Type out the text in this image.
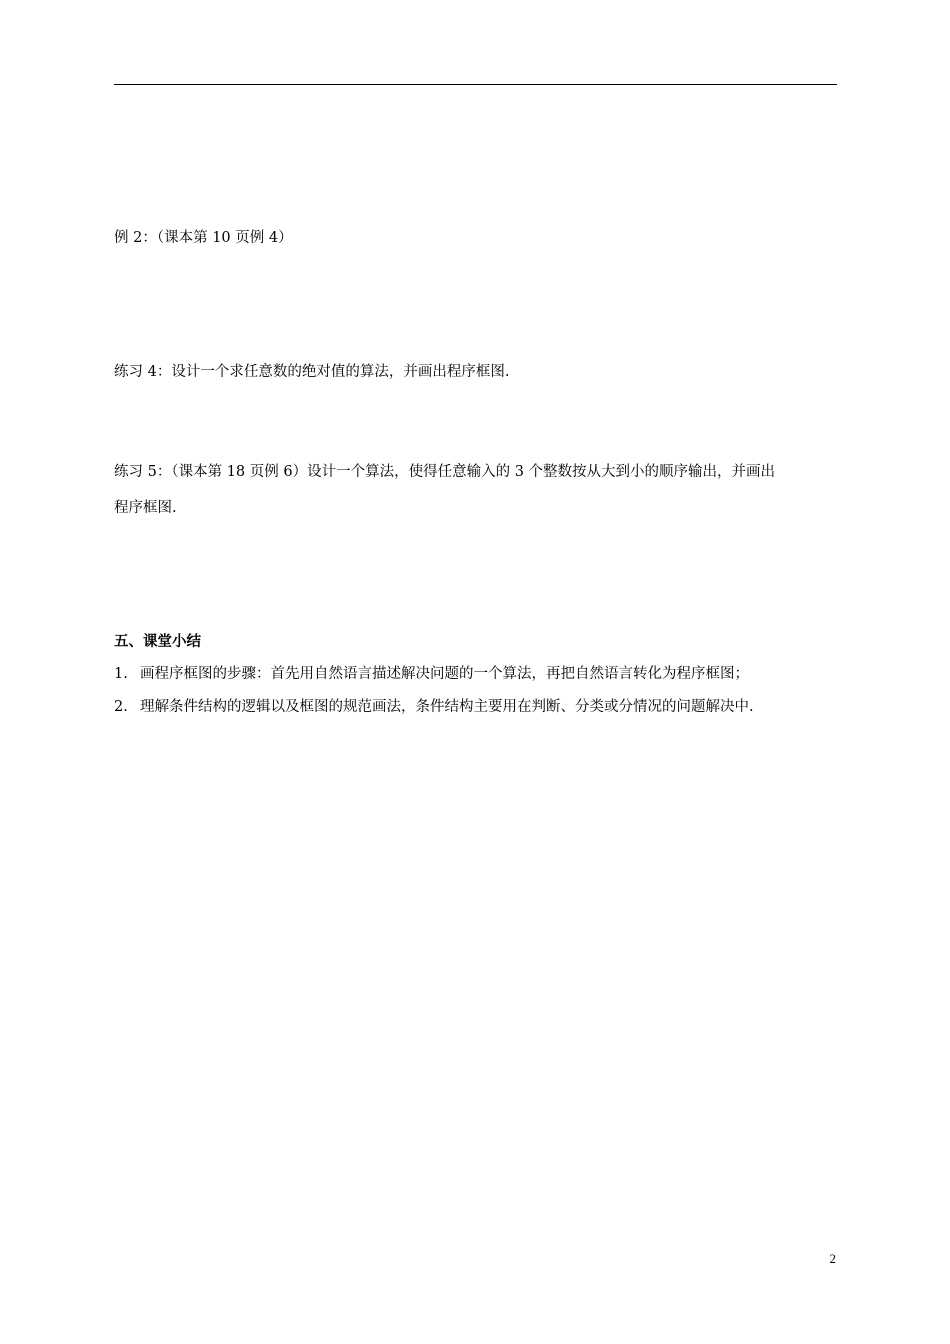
例 2：（课本第 10 页例 4）
练习 4：设计一个求任意数的绝对值的算法，并画出程序框图.
练习 5：（课本第 18 页例 6）设计一个算法，使得任意输入的 3 个整数按从大到小的顺序输出，并画出
程序框图.
五、课堂小结
1. 画程序框图的步骤：首先用自然语言描述解决问题的一个算法，再把自然语言转化为程序框图；
2. 理解条件结构的逻辑以及框图的规范画法，条件结构主要用在判断、分类或分情况的问题解决中.
2
